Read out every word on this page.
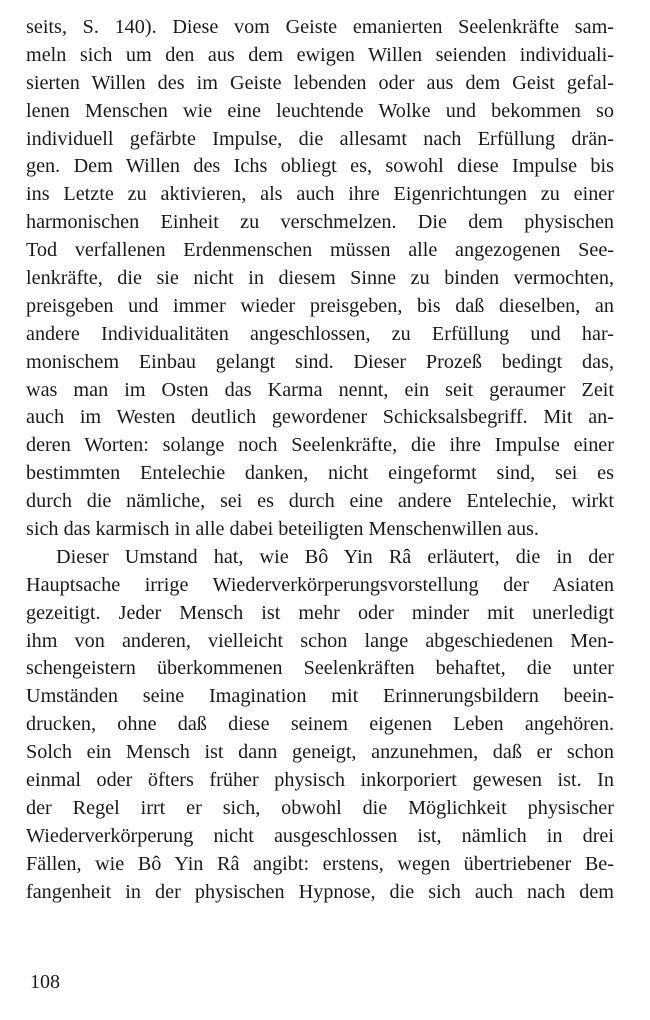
seits, S. 140). Diese vom Geiste emanierten Seelenkräfte sam-
meln sich um den aus dem ewigen Willen seienden individuali-
sierten Willen des im Geiste lebenden oder aus dem Geist gefal-
lenen Menschen wie eine leuchtende Wolke und bekommen so
individuell gefärbte Impulse, die allesamt nach Erfüllung drän-
gen. Dem Willen des Ichs obliegt es, sowohl diese Impulse bis
ins Letzte zu aktivieren, als auch ihre Eigenrichtungen zu einer
harmonischen Einheit zu verschmelzen. Die dem physischen
Tod verfallenen Erdenmenschen müssen alle angezogenen See-
lenkräfte, die sie nicht in diesem Sinne zu binden vermochten,
preisgeben und immer wieder preisgeben, bis daß dieselben, an
andere Individualitäten angeschlossen, zu Erfüllung und har-
monischem Einbau gelangt sind. Dieser Prozeß bedingt das,
was man im Osten das Karma nennt, ein seit geraumer Zeit
auch im Westen deutlich gewordener Schicksalsbegriff. Mit an-
deren Worten: solange noch Seelenkräfte, die ihre Impulse einer
bestimmten Entelechie danken, nicht eingeformt sind, sei es
durch die nämliche, sei es durch eine andere Entelechie, wirkt
sich das karmisch in alle dabei beteiligten Menschenwillen aus.
Dieser Umstand hat, wie Bô Yin Râ erläutert, die in der
Hauptsache irrige Wiederverkörperungsvorstellung der Asiaten
gezeitigt. Jeder Mensch ist mehr oder minder mit unerledigt
ihm von anderen, vielleicht schon lange abgeschiedenen Men-
schengeistern überkommenen Seelenkräften behaftet, die unter
Umständen seine Imagination mit Erinnerungsbildern beein-
drucken, ohne daß diese seinem eigenen Leben angehören.
Solch ein Mensch ist dann geneigt, anzunehmen, daß er schon
einmal oder öfters früher physisch inkorporiert gewesen ist. In
der Regel irrt er sich, obwohl die Möglichkeit physischer
Wiederverkörperung nicht ausgeschlossen ist, nämlich in drei
Fällen, wie Bô Yin Râ angibt: erstens, wegen übertriebener Be-
fangenheit in der physischen Hypnose, die sich auch nach dem
108
